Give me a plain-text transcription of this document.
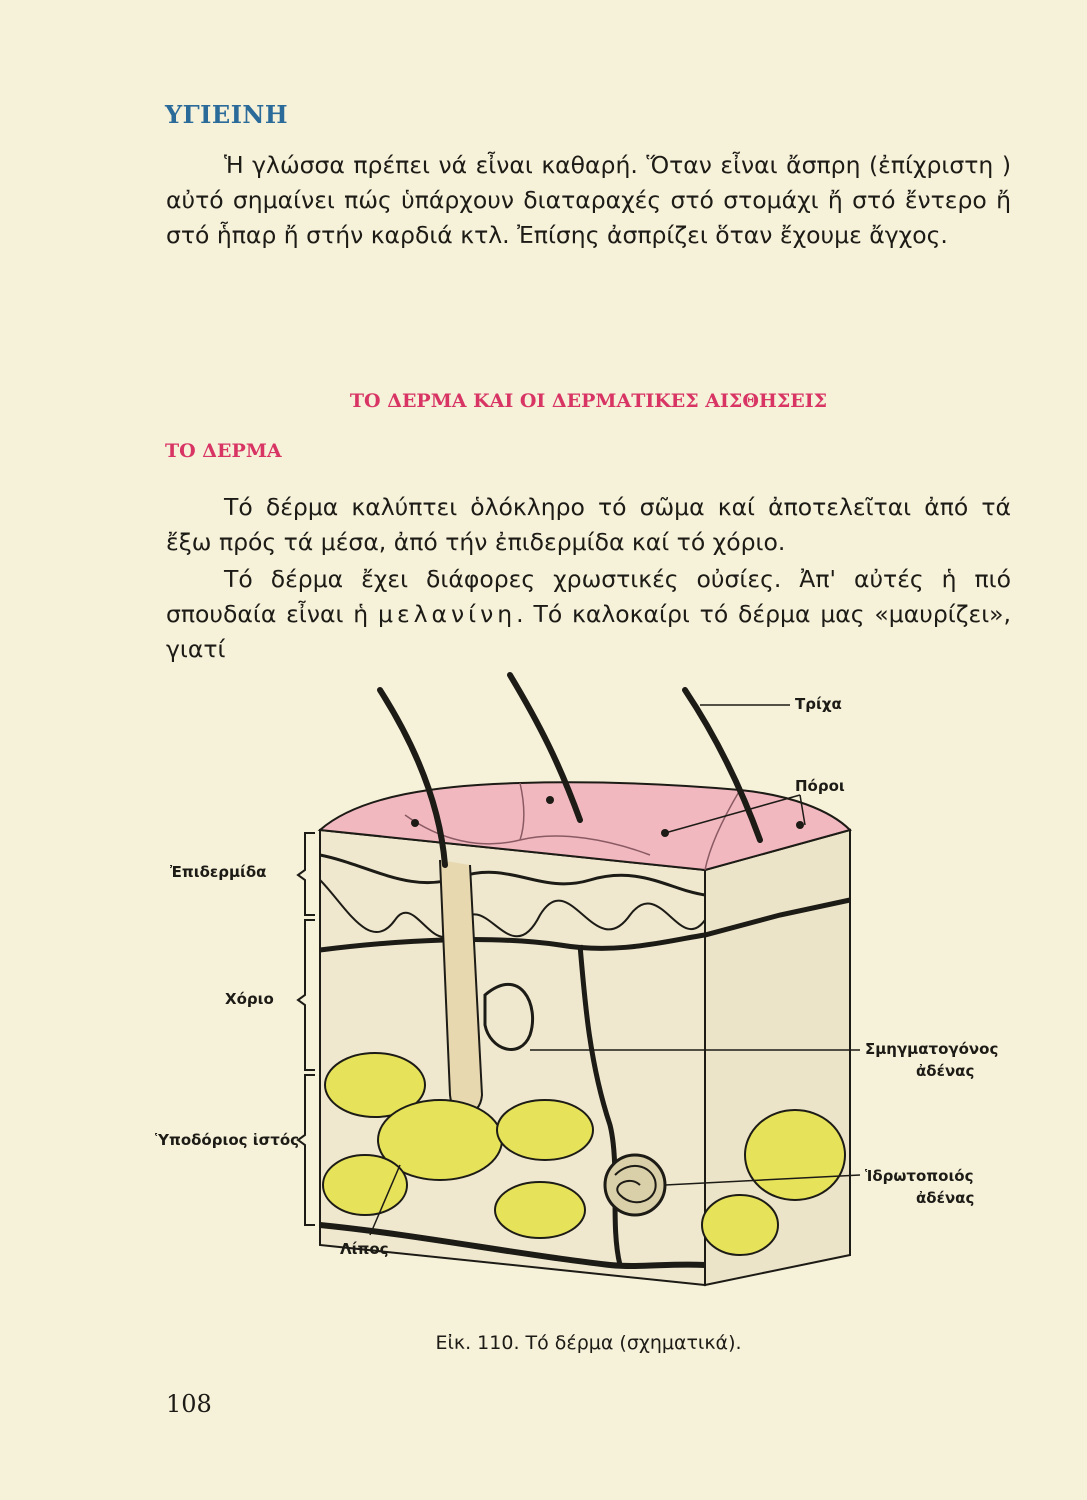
ΥΓΙΕΙΝΗ

Ἡ γλώσσα πρέπει νά εἶναι καθαρή. Ὅταν εἶναι ἄσπρη (ἐπίχριστη ) αὐτό σημαίνει πώς ὑπάρχουν διαταραχές στό στομάχι ἤ στό ἔντερο ἤ στό ἧπαρ ἤ στήν καρδιά κτλ. Ἐπίσης ἀσπρίζει ὅταν ἔχουμε ἄγχος.

ΤΟ ΔΕΡΜΑ ΚΑΙ ΟΙ ΔΕΡΜΑΤΙΚΕΣ ΑΙΣΘΗΣΕΙΣ
ΤΟ ΔΕΡΜΑ

Τό δέρμα καλύπτει ὁλόκληρο τό σῶμα καί ἀποτελεῖται ἀπό τά ἔξω πρός τά μέσα, ἀπό τήν ἐπιδερμίδα καί τό χόριο.

Τό δέρμα ἔχει διάφορες χρωστικές οὐσίες. Ἀπ' αὐτές ἡ πιό σπουδαία εἶναι ἡ μελανίνη. Τό καλοκαίρι τό δέρμα μας «μαυρίζει», γιατί

Τρίχα
Πόροι
Ἐπιδερμίδα
Χόριο
Ὑποδόριος ἱστός
Σμηγματογόνος
ἀδένας
Ἱδρωτοποιός
ἀδένας
Λίπος
Εἰκ. 110. Τό δέρμα (σχηματικά).
108
